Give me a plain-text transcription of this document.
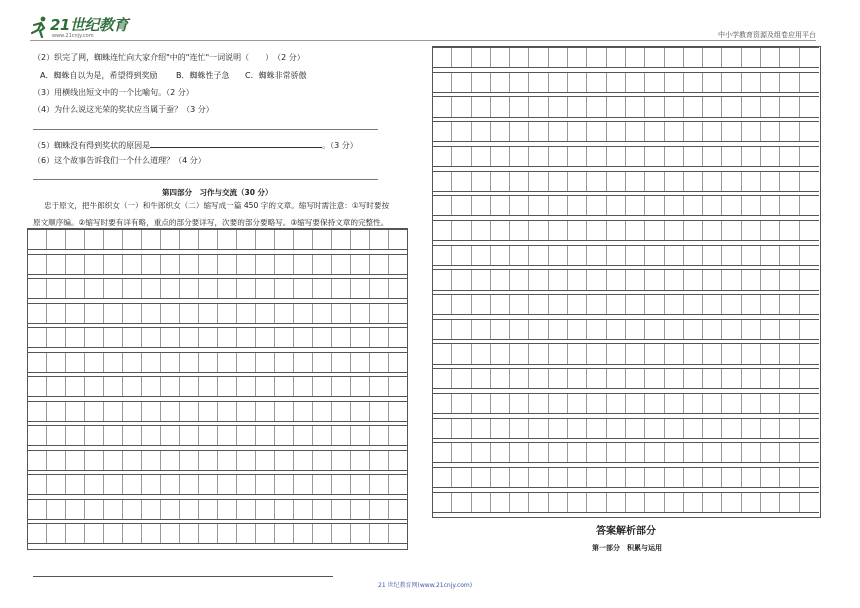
21世纪教育
www.21cnjy.com	中小学教育资源及组卷应用平台
（2）织完了网，蜘蛛连忙向大家介绍"中的"连忙"一词说明（　　）　（2 分）
A．蜘蛛自以为是，希望得到奖励 B．蜘蛛性子急 C．蜘蛛非常骄傲
（3）用横线出短文中的一个比喻句。（2 分）
（4）为什么说这光荣的奖状应当属于蚕？（3 分）
（5）蜘蛛没有得到奖状的原因是	。（3 分）
（6）这个故事告诉我们一个什么道理？（4 分）
第四部分　习作与交流（30 分）
忠于原文，把牛郎织女（一）和牛郎织女（二）缩写成一篇 450 字的文章。缩写时需注意：①写时要按
原文顺序编。②缩写时要有详有略，重点的部分要详写，次要的部分要略写。③缩写要保持文章的完整性。
答案解析部分
第一部分　积累与运用
21 世纪教育网(www.21cnjy.com)
